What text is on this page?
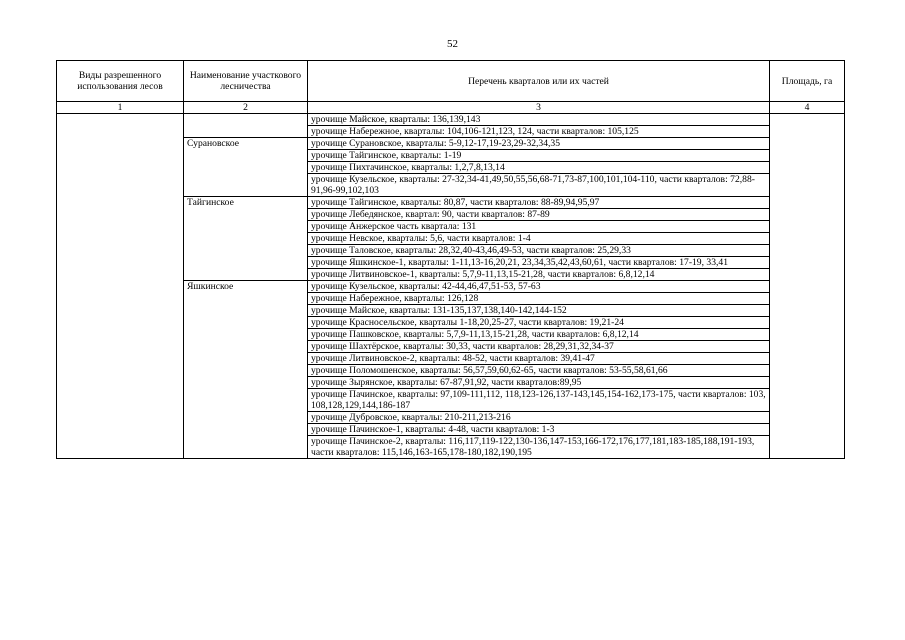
52
Виды разрешенного использования лесов	Наименование участкового лесничества	Перечень кварталов или их частей	Площадь, га
1	2	3	4
		урочище Майское, кварталы: 136,139,143	
		урочище Набережное, кварталы: 104,106-121,123, 124, части кварталов: 105,125	
	Сурановское	урочище Сурановское, кварталы: 5-9,12-17,19-23,29-32,34,35	
		урочище Тайгинское, кварталы: 1-19	
		урочище Пихтачинское, кварталы: 1,2,7,8,13,14	
		урочище Кузельское, кварталы: 27-32,34-41,49,50,55,56,68-71,73-87,100,101,104-110, части кварталов: 72,88-91,96-99,102,103	
	Тайгинское	урочище Тайгинское, кварталы: 80,87, части кварталов: 88-89,94,95,97	
		урочище Лебедянское, квартал: 90, части кварталов: 87-89	
		урочище Анжерское часть квартала: 131	
		урочище Невское, кварталы: 5,6, части кварталов: 1-4	
		урочище Таловское, кварталы: 28,32,40-43,46,49-53, части кварталов: 25,29,33	
		урочище Яшкинское-1, кварталы: 1-11,13-16,20,21, 23,34,35,42,43,60,61, части кварталов: 17-19, 33,41	
		урочище Литвиновское-1, кварталы: 5,7,9-11,13,15-21,28, части кварталов: 6,8,12,14	
	Яшкинское	урочище Кузельское, кварталы: 42-44,46,47,51-53, 57-63	
		урочище Набережное, кварталы: 126,128	
		урочище Майское, кварталы: 131-135,137,138,140-142,144-152	
		урочище Красносельское, кварталы 1-18,20,25-27, части кварталов: 19,21-24	
		урочище Пашковское, кварталы: 5,7,9-11,13,15-21,28, части кварталов: 6,8,12,14	
		урочище Шахтёрское, кварталы: 30,33, части кварталов: 28,29,31,32,34-37	
		урочище Литвиновское-2, кварталы: 48-52, части кварталов: 39,41-47	
		урочище Поломошенское, кварталы: 56,57,59,60,62-65, части кварталов: 53-55,58,61,66	
		урочище Зырянское, кварталы: 67-87,91,92, части кварталов:89,95	
		урочище Пачинское, кварталы: 97,109-111,112, 118,123-126,137-143,145,154-162,173-175, части кварталов: 103, 108,128,129,144,186-187	
		урочище Дубровское, кварталы: 210-211,213-216	
		урочище Пачинское-1, кварталы: 4-48, части кварталов: 1-3	
		урочище Пачинское-2, кварталы: 116,117,119-122,130-136,147-153,166-172,176,177,181,183-185,188,191-193, части кварталов: 115,146,163-165,178-180,182,190,195	
